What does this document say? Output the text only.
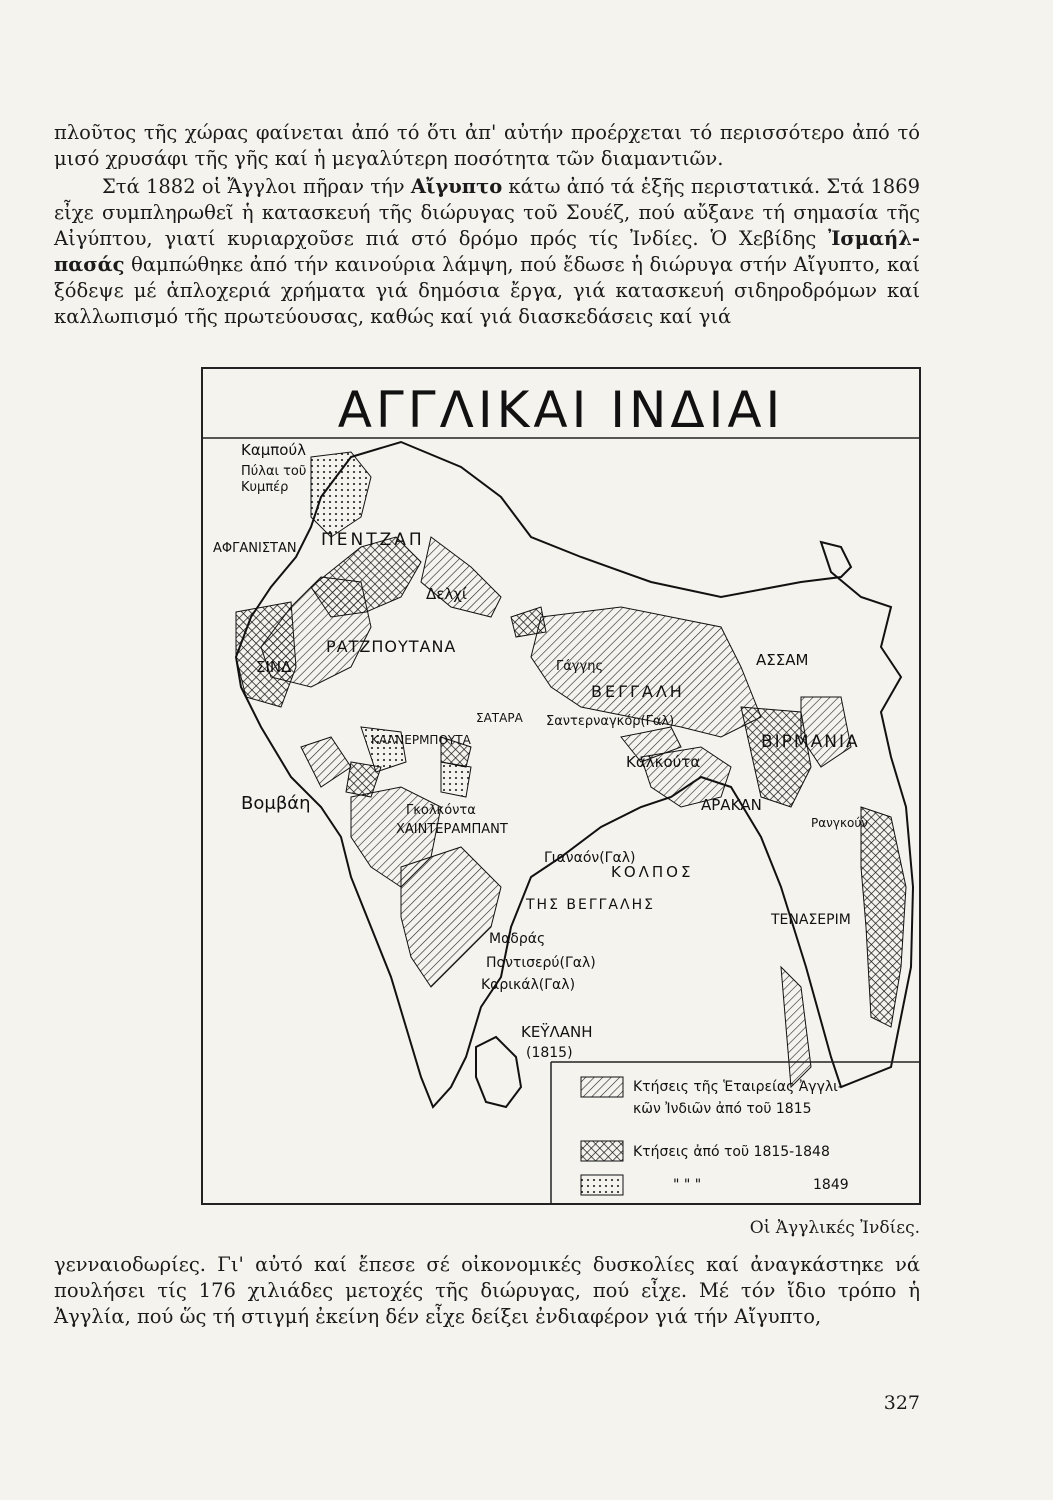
πλοῦτος τῆς χώρας φαίνεται ἀπό τό ὅτι ἀπ' αὐτήν προέρχεται τό περισσότερο ἀπό τό μισό χρυσάφι τῆς γῆς καί ἡ μεγαλύτερη ποσότητα τῶν διαμαντιῶν.

Στά 1882 οἱ Ἄγγλοι πῆραν τήν Αἴγυπτο κάτω ἀπό τά ἑξῆς περιστατικά. Στά 1869 εἶχε συμπληρωθεῖ ἡ κατασκευή τῆς διώρυγας τοῦ Σουέζ, πού αὔξανε τή σημασία τῆς Αἰγύπτου, γιατί κυριαρχοῦσε πιά στό δρόμο πρός τίς Ἰνδίες. Ὁ Χεβίδης Ἰσμαήλ-πασάς θαμπώθηκε ἀπό τήν καινούρια λάμψη, πού ἔδωσε ἡ διώρυγα στήν Αἴγυπτο, καί ξόδεψε μέ ἁπλοχεριά χρήματα γιά δημόσια ἔργα, γιά κατασκευή σιδηροδρόμων καί καλλωπισμό τῆς πρωτεύουσας, καθώς καί γιά διασκεδάσεις καί γιά

ΑΓΓΛΙΚΑΙ ΙΝΔΙΑΙ
Καμπούλ
Πύλαι τοῦ
Κυμπέρ
ΑΦΓΑΝΙΣΤΑΝ ΠΕΝΤΖΑΠ
Δελχί
ΡΑΤΖΠΟΥΤΑΝΑ
ΣΙΝΔ	ΑΣΣΑΜ
ΒΕΓΓΑΛΗ
Γάγγης
ΣΑΤΑΡΑ Σαντερναγκόρ(Γαλ)
ΚΑΛΝΕΡΜΠΟΥΤΑ	ΒΙΡΜΑΝΙΑ
Καλκούτα
Βομβάη	Γκολκόντα
ΧΑΙΝΤΕΡΑΜΠΑΝΤ
ΑΡΑΚΑΝ
Ρανγκούν
Γιαναόν(Γαλ)
ΚΟΛΠΟΣ
ΤΗΣ ΒΕΓΓΑΛΗΣ
ΤΕΝΑΣΕΡΙΜ
Μαδράς
Ποντισερύ(Γαλ)
Καρικάλ(Γαλ)
ΚΕΫΛΑΝΗ
(1815)
Κτήσεις τῆς Ἑταιρείας Ἀγγλι-
κῶν Ἰνδιῶν ἀπό τοῦ 1815
Κτήσεις ἀπό τοῦ 1815-1848
" " "	1849

Οἱ Ἀγγλικές Ἰνδίες.

γενναιοδωρίες. Γι' αὐτό καί ἔπεσε σέ οἰκονομικές δυσκολίες καί ἀναγκάστηκε νά πουλήσει τίς 176 χιλιάδες μετοχές τῆς διώρυγας, πού εἶχε. Μέ τόν ἴδιο τρόπο ἡ Ἀγγλία, πού ὥς τή στιγμή ἐκείνη δέν εἶχε δείξει ἐνδιαφέρον γιά τήν Αἴγυπτο,

327
